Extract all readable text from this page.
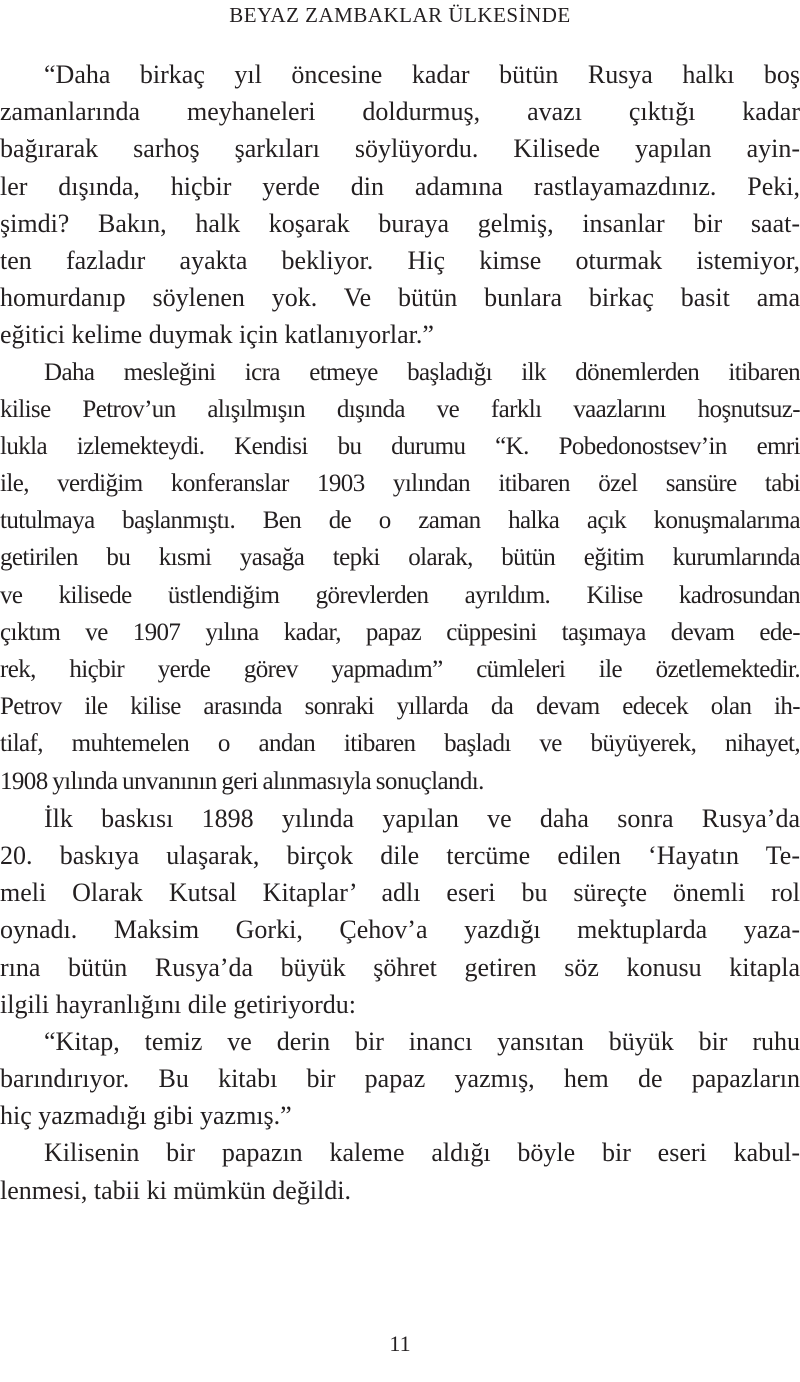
BEYAZ ZAMBAKLAR ÜLKESİNDE
“Daha birkaç yıl öncesine kadar bütün Rusya halkı boş
zamanlarında meyhaneleri doldurmuş, avazı çıktığı kadar
bağırarak sarhoş şarkıları söylüyordu. Kilisede yapılan ayin-
ler dışında, hiçbir yerde din adamına rastlayamazdınız. Peki,
şimdi? Bakın, halk koşarak buraya gelmiş, insanlar bir saat-
ten fazladır ayakta bekliyor. Hiç kimse oturmak istemiyor,
homurdanıp söylenen yok. Ve bütün bunlara birkaç basit ama
eğitici kelime duymak için katlanıyorlar.”
Daha mesleğini icra etmeye başladığı ilk dönemlerden itibaren
kilise Petrov’un alışılmışın dışında ve farklı vaazlarını hoşnutsuz-
lukla izlemekteydi. Kendisi bu durumu “K. Pobedonostsev’in emri
ile, verdiğim konferanslar 1903 yılından itibaren özel sansüre tabi
tutulmaya başlanmıştı. Ben de o zaman halka açık konuşmalarıma
getirilen bu kısmi yasağa tepki olarak, bütün eğitim kurumlarında
ve kilisede üstlendiğim görevlerden ayrıldım. Kilise kadrosundan
çıktım ve 1907 yılına kadar, papaz cüppesini taşımaya devam ede-
rek, hiçbir yerde görev yapmadım” cümleleri ile özetlemektedir.
Petrov ile kilise arasında sonraki yıllarda da devam edecek olan ih-
tilaf, muhtemelen o andan itibaren başladı ve büyüyerek, nihayet,
1908 yılında unvanının geri alınmasıyla sonuçlandı.
İlk baskısı 1898 yılında yapılan ve daha sonra Rusya’da
20. baskıya ulaşarak, birçok dile tercüme edilen ‘Hayatın Te-
meli Olarak Kutsal Kitaplar’ adlı eseri bu süreçte önemli rol
oynadı. Maksim Gorki, Çehov’a yazdığı mektuplarda yaza-
rına bütün Rusya’da büyük şöhret getiren söz konusu kitapla
ilgili hayranlığını dile getiriyordu:
“Kitap, temiz ve derin bir inancı yansıtan büyük bir ruhu
barındırıyor. Bu kitabı bir papaz yazmış, hem de papazların
hiç yazmadığı gibi yazmış.”
Kilisenin bir papazın kaleme aldığı böyle bir eseri kabul-
lenmesi, tabii ki mümkün değildi.
11
